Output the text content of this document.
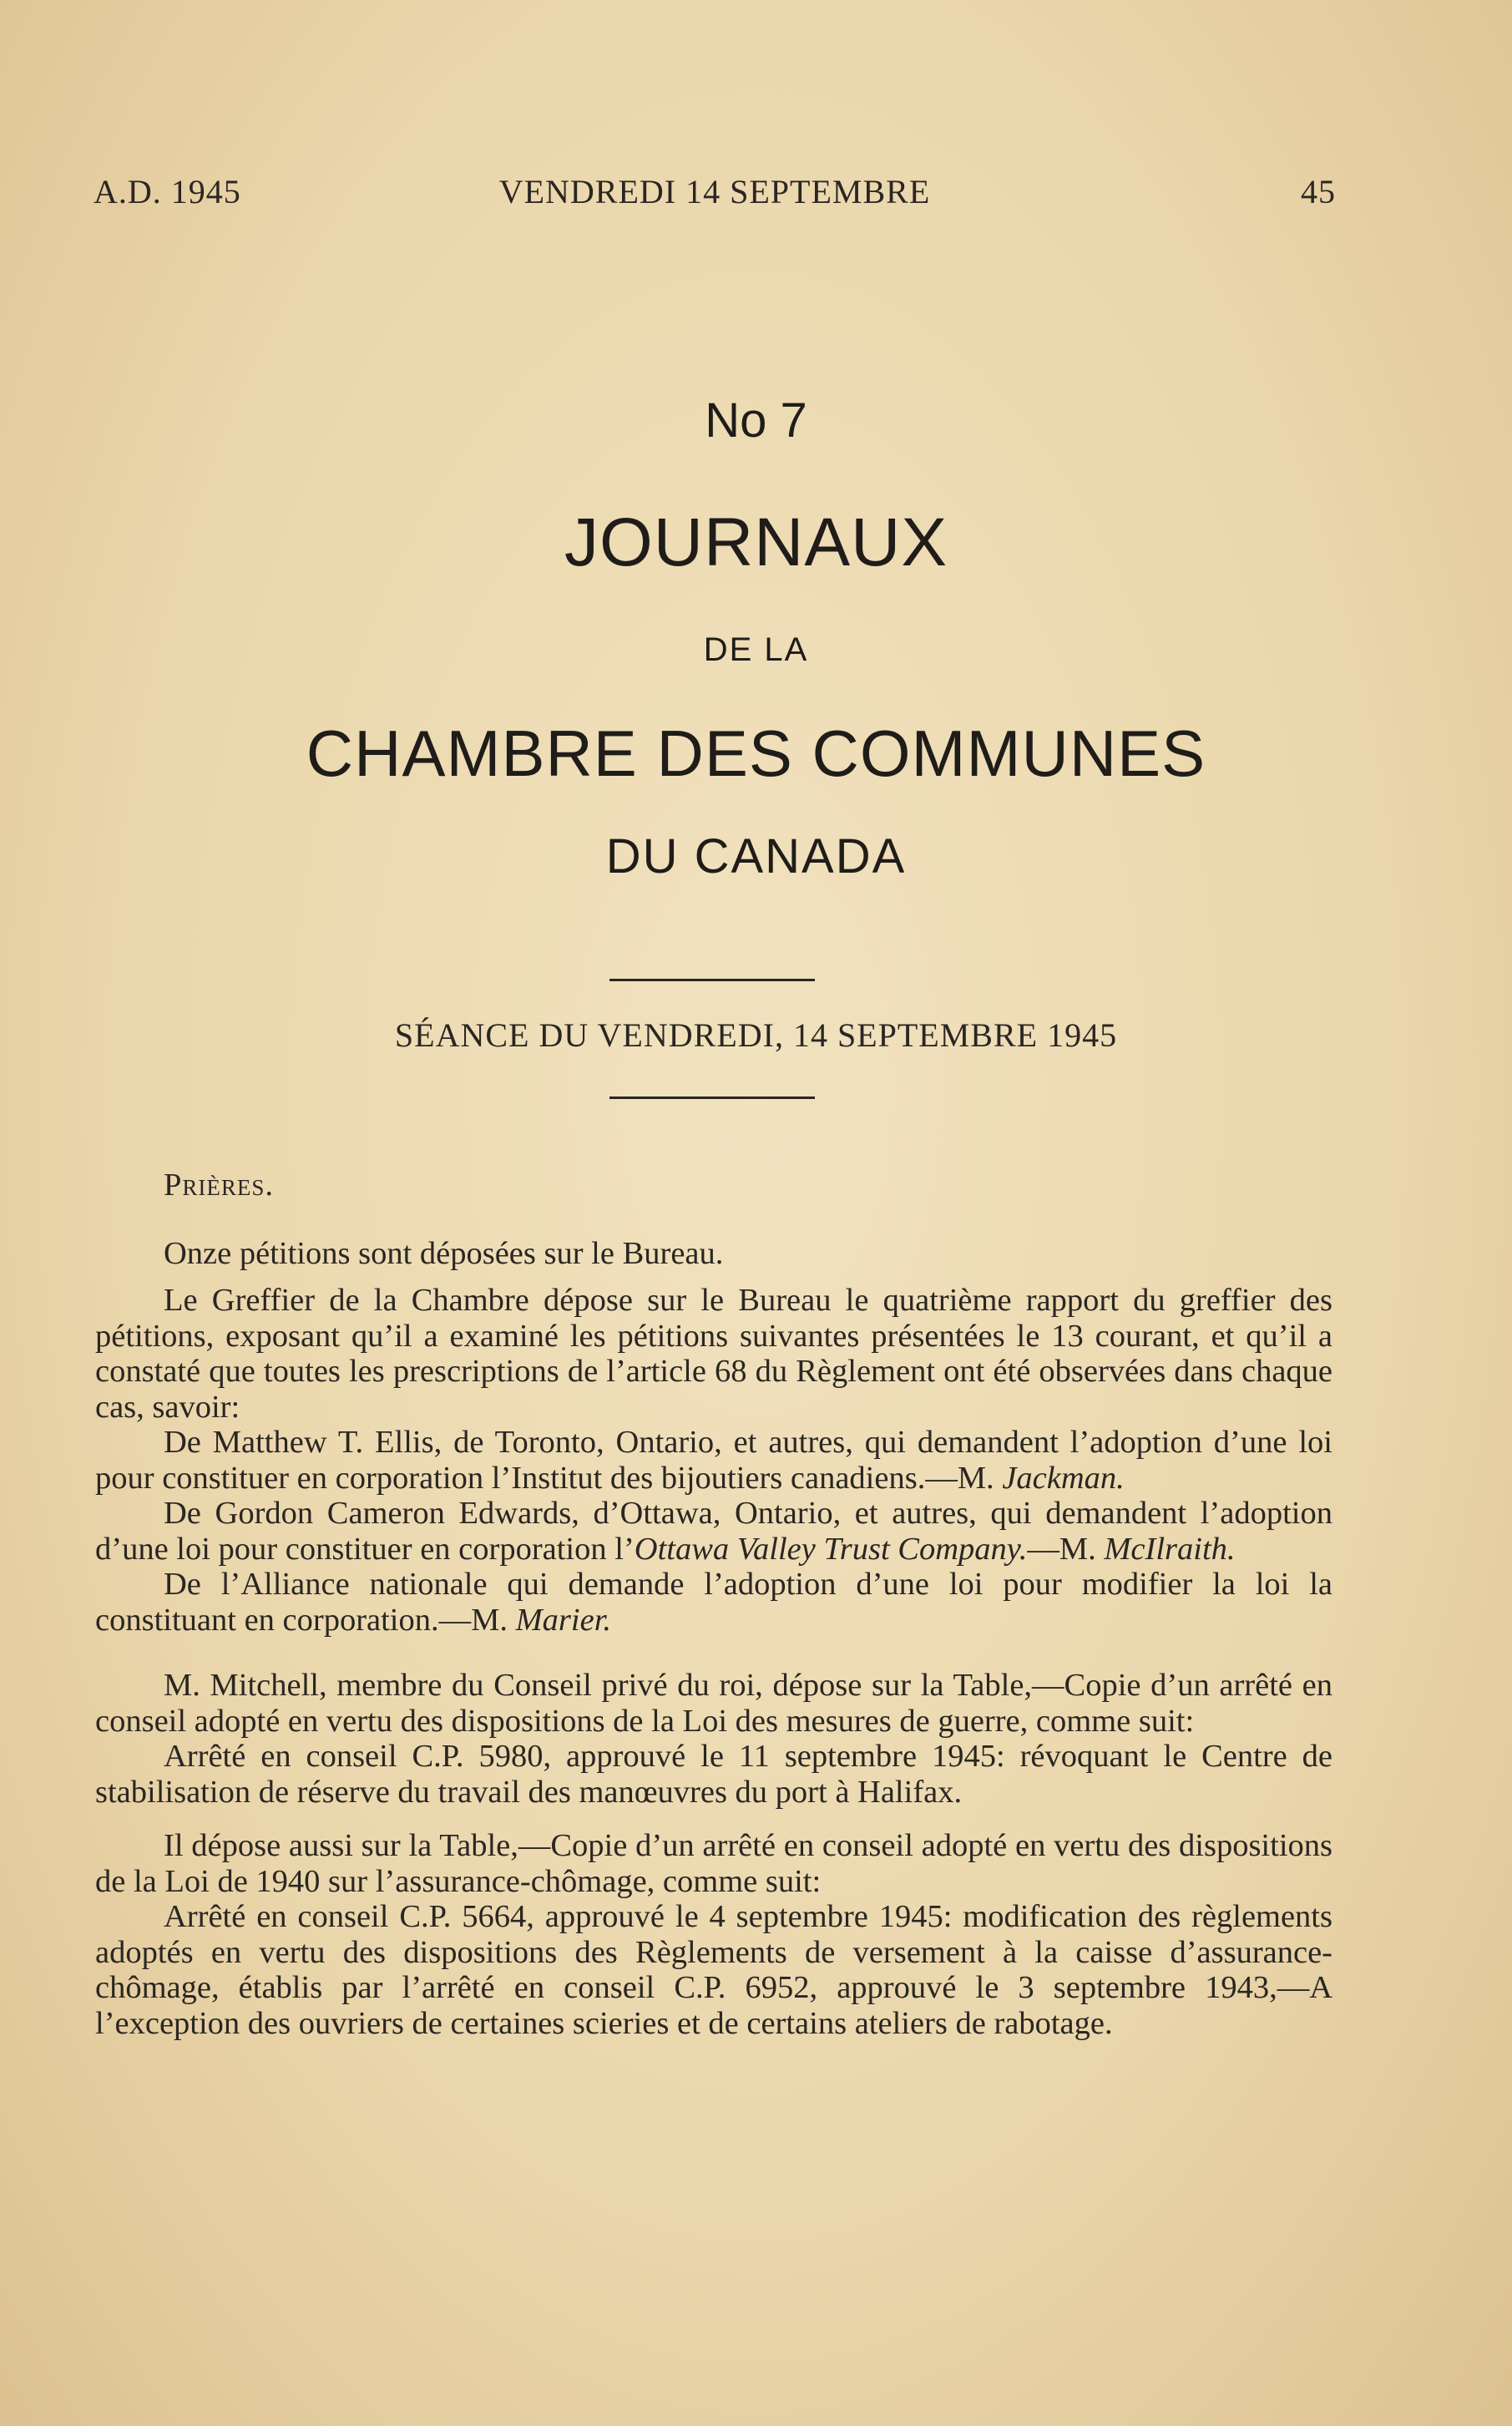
A.D. 1945	VENDREDI 14 SEPTEMBRE	45
No 7
JOURNAUX
DE LA
CHAMBRE DES COMMUNES
DU CANADA
SÉANCE DU VENDREDI, 14 SEPTEMBRE 1945

Prières.

Onze pétitions sont déposées sur le Bureau.

Le Greffier de la Chambre dépose sur le Bureau le quatrième rapport du greffier des pétitions, exposant qu’il a examiné les pétitions suivantes présentées le 13 courant, et qu’il a constaté que toutes les prescriptions de l’article 68 du Règlement ont été observées dans chaque cas, savoir:

De Matthew T. Ellis, de Toronto, Ontario, et autres, qui demandent l’adoption d’une loi pour constituer en corporation l’Institut des bijoutiers canadiens.—M. Jackman.

De Gordon Cameron Edwards, d’Ottawa, Ontario, et autres, qui demandent l’adoption d’une loi pour constituer en corporation l’Ottawa Valley Trust Company.—M. McIlraith.

De l’Alliance nationale qui demande l’adoption d’une loi pour modifier la loi la constituant en corporation.—M. Marier.

M. Mitchell, membre du Conseil privé du roi, dépose sur la Table,—Copie d’un arrêté en conseil adopté en vertu des dispositions de la Loi des mesures de guerre, comme suit:

Arrêté en conseil C.P. 5980, approuvé le 11 septembre 1945: révoquant le Centre de stabilisation de réserve du travail des manœuvres du port à Halifax.

Il dépose aussi sur la Table,—Copie d’un arrêté en conseil adopté en vertu des dispositions de la Loi de 1940 sur l’assurance-chômage, comme suit:

Arrêté en conseil C.P. 5664, approuvé le 4 septembre 1945: modification des règlements adoptés en vertu des dispositions des Règlements de versement à la caisse d’assurance-chômage, établis par l’arrêté en conseil C.P. 6952, approuvé le 3 septembre 1943,—A l’exception des ouvriers de certaines scieries et de certains ateliers de rabotage.
